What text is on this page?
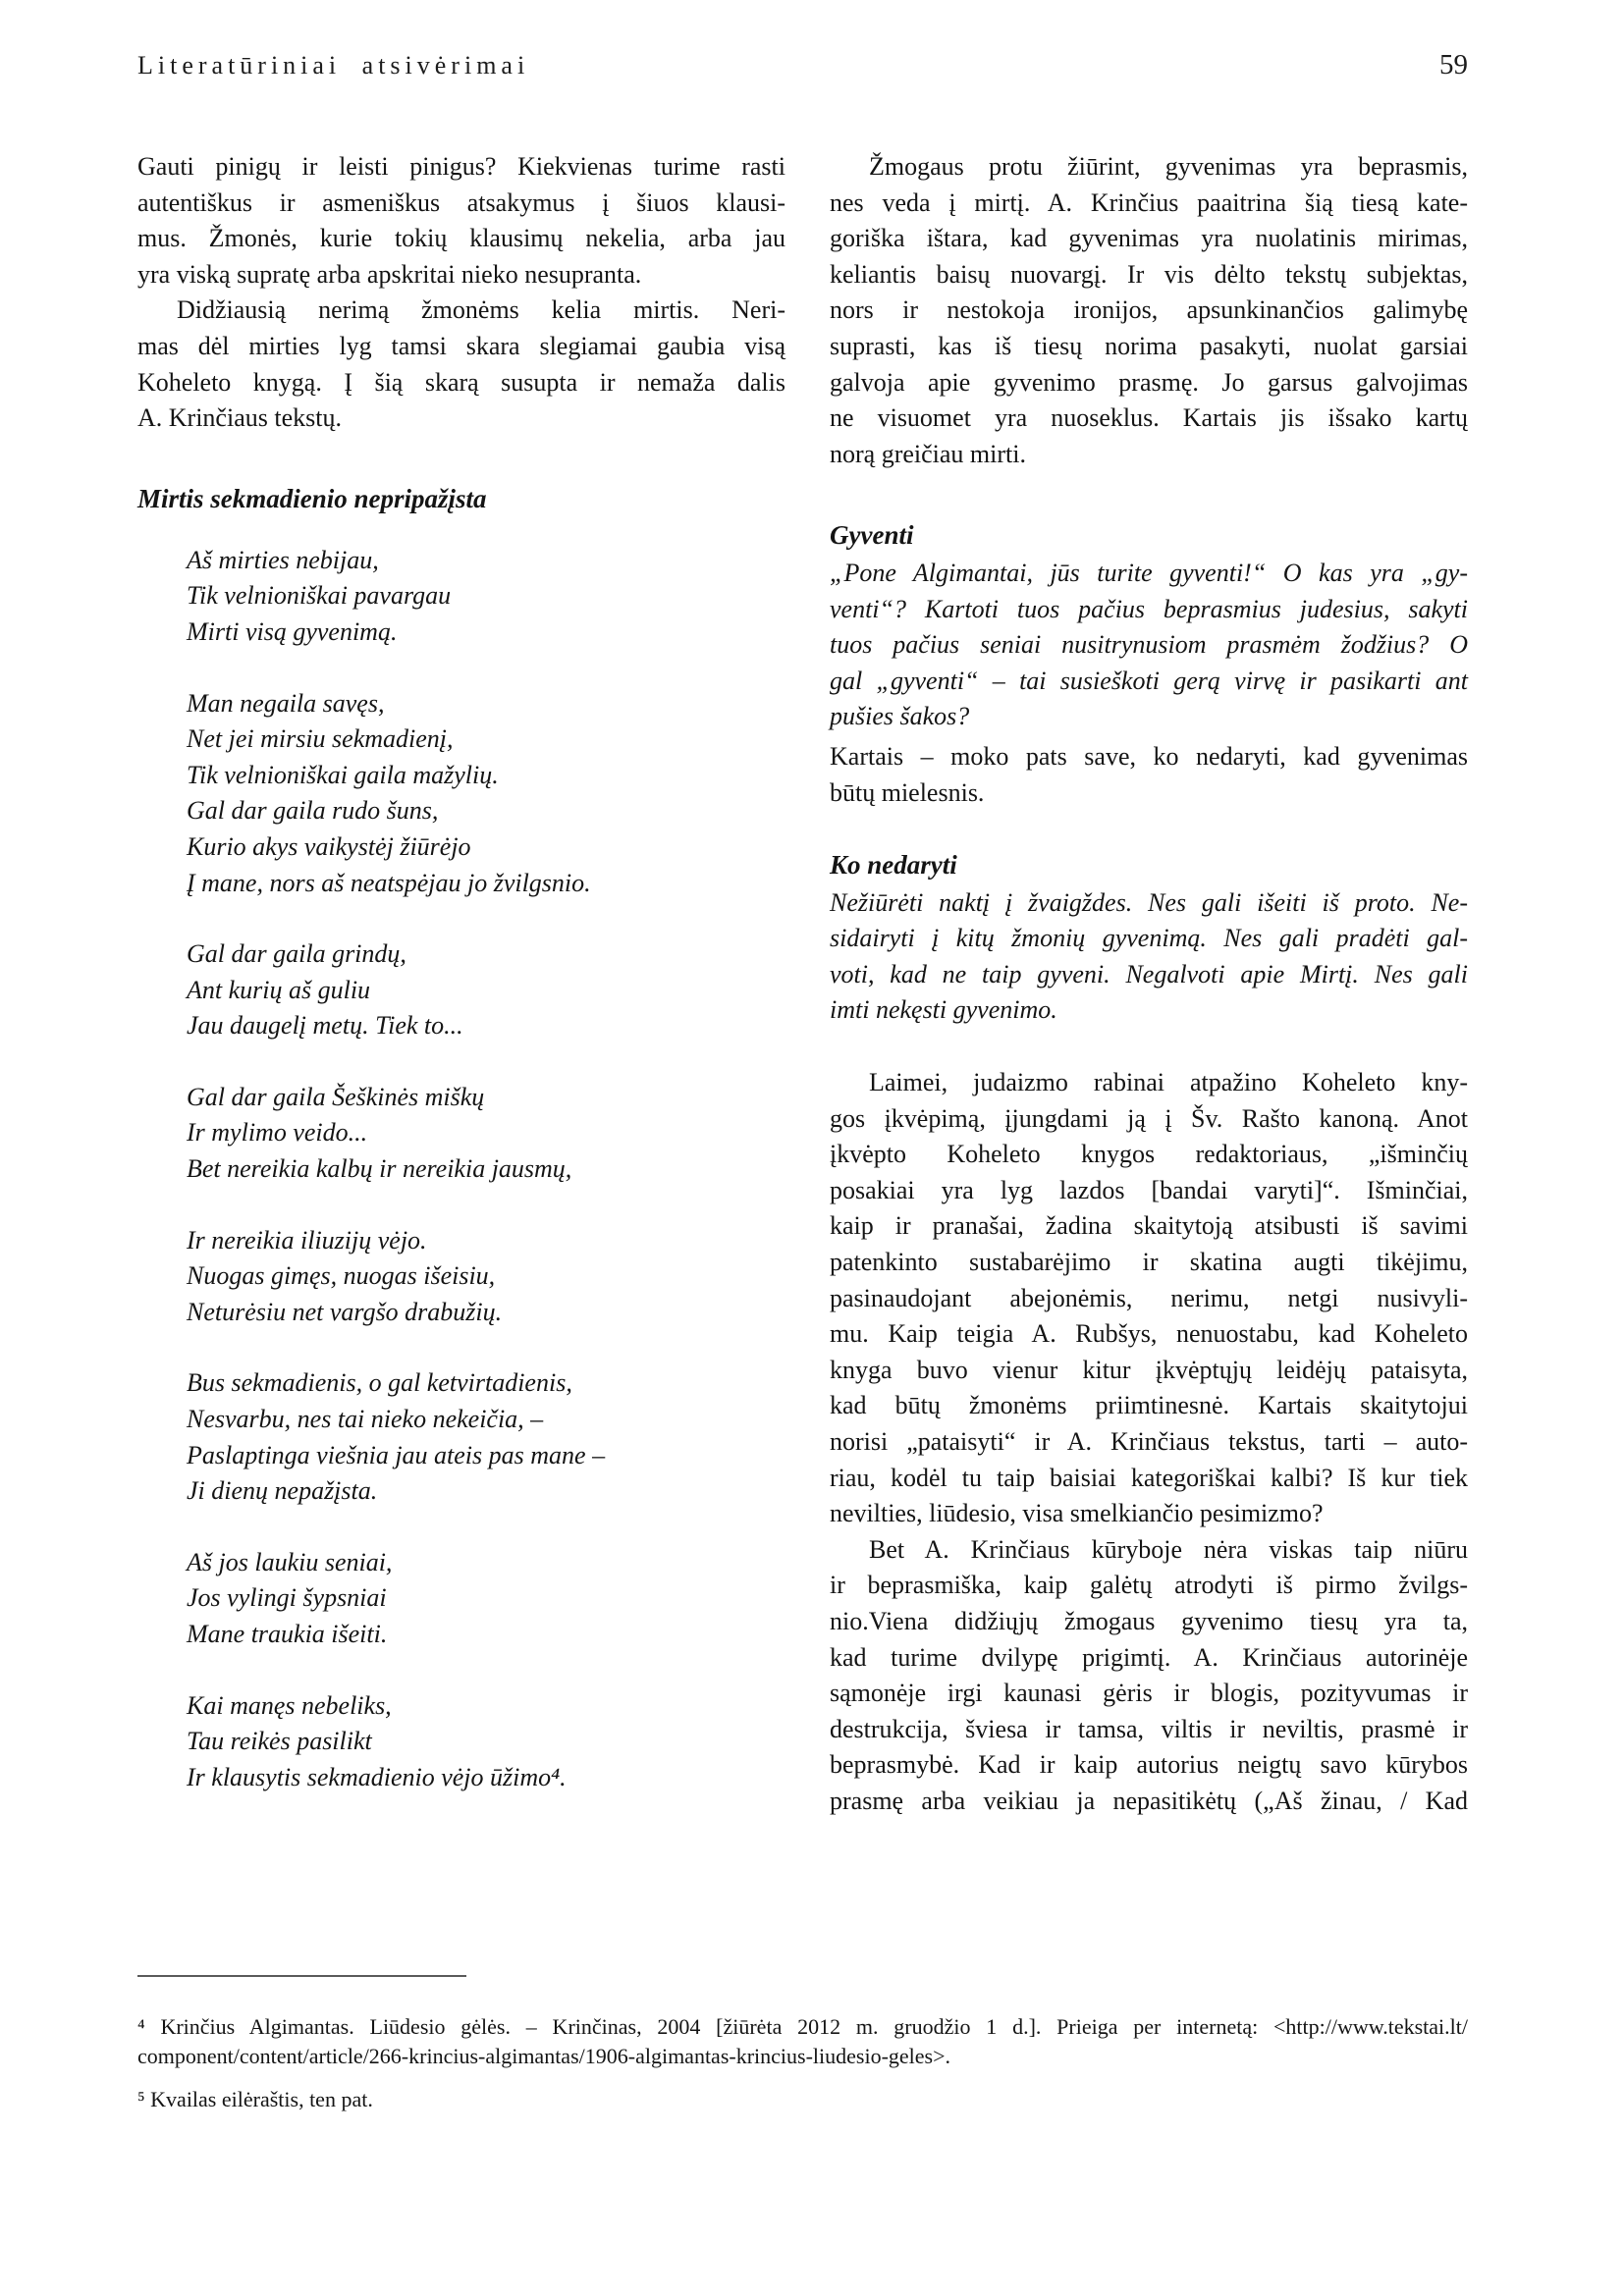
Literatūriniai atsivėrimai	59
Gauti pinigų ir leisti pinigus? Kiekvienas turime rasti
autentiškus ir asmeniškus atsakymus į šiuos klausi-
mus. Žmonės, kurie tokių klausimų nekelia, arba jau
yra viską supratę arba apskritai nieko nesupranta.
Didžiausią nerimą žmonėms kelia mirtis. Neri-
mas dėl mirties lyg tamsi skara slegiamai gaubia visą
Koheleto knygą. Į šią skarą susupta ir nemaža dalis
A. Krinčiaus tekstų.
Mirtis sekmadienio nepripažįsta
Aš mirties nebijau,
Tik velnioniškai pavargau
Mirti visą gyvenimą.
Man negaila savęs,
Net jei mirsiu sekmadienį,
Tik velnioniškai gaila mažylių.
Gal dar gaila rudo šuns,
Kurio akys vaikystėj žiūrėjo
Į mane, nors aš neatspėjau jo žvilgsnio.
Gal dar gaila grindų,
Ant kurių aš guliu
Jau daugelį metų. Tiek to...
Gal dar gaila Šeškinės miškų
Ir mylimo veido...
Bet nereikia kalbų ir nereikia jausmų,
Ir nereikia iliuzijų vėjo.
Nuogas gimęs, nuogas išeisiu,
Neturėsiu net vargšo drabužių.
Bus sekmadienis, o gal ketvirtadienis,
Nesvarbu, nes tai nieko nekeičia, –
Paslaptinga viešnia jau ateis pas mane –
Ji dienų nepažįsta.
Aš jos laukiu seniai,
Jos vylingi šypsniai
Mane traukia išeiti.
Kai manęs nebeliks,
Tau reikės pasilikt
Ir klausytis sekmadienio vėjo ūžimo⁴.
Žmogaus protu žiūrint, gyvenimas yra beprasmis,
nes veda į mirtį. A. Krinčius paaitrina šią tiesą kate-
goriška ištara, kad gyvenimas yra nuolatinis mirimas,
keliantis baisų nuovargį. Ir vis dėlto tekstų subjektas,
nors ir nestokoja ironijos, apsunkinančios galimybę
suprasti, kas iš tiesų norima pasakyti, nuolat garsiai
galvoja apie gyvenimo prasmę. Jo garsus galvojimas
ne visuomet yra nuoseklus. Kartais jis išsako kartų
norą greičiau mirti.
Gyventi
„Pone Algimantai, jūs turite gyventi!“ O kas yra „gy-
venti“? Kartoti tuos pačius beprasmius judesius, sakyti
tuos pačius seniai nusitrynusiom prasmėm žodžius? O
gal „gyventi“ – tai susieškoti gerą virvę ir pasikarti ant
pušies šakos?
Kartais – moko pats save, ko nedaryti, kad gyvenimas
būtų mielesnis.
Ko nedaryti
Nežiūrėti naktį į žvaigždes. Nes gali išeiti iš proto. Ne-
sidairyti į kitų žmonių gyvenimą. Nes gali pradėti gal-
voti, kad ne taip gyveni. Negalvoti apie Mirtį. Nes gali
imti nekęsti gyvenimo.
Laimei, judaizmo rabinai atpažino Koheleto kny-
gos įkvėpimą, įjungdami ją į Šv. Rašto kanoną. Anot
įkvėpto Koheleto knygos redaktoriaus, „išminčių
posakiai yra lyg lazdos [bandai varyti]“. Išminčiai,
kaip ir pranašai, žadina skaitytoją atsibusti iš savimi
patenkinto sustabarėjimo ir skatina augti tikėjimu,
pasinaudojant abejonėmis, nerimu, netgi nusivyli-
mu. Kaip teigia A. Rubšys, nenuostabu, kad Koheleto
knyga buvo vienur kitur įkvėptųjų leidėjų pataisyta,
kad būtų žmonėms priimtinesnė. Kartais skaitytojui
norisi „pataisyti“ ir A. Krinčiaus tekstus, tarti – auto-
riau, kodėl tu taip baisiai kategoriškai kalbi? Iš kur tiek
nevilties, liūdesio, visa smelkiančio pesimizmo?
Bet A. Krinčiaus kūryboje nėra viskas taip niūru
ir beprasmiška, kaip galėtų atrodyti iš pirmo žvilgs-
nio.Viena didžiųjų žmogaus gyvenimo tiesų yra ta,
kad turime dvilypę prigimtį. A. Krinčiaus autorinėje
sąmonėje irgi kaunasi gėris ir blogis, pozityvumas ir
destrukcija, šviesa ir tamsa, viltis ir neviltis, prasmė ir
beprasmybė. Kad ir kaip autorius neigtų savo kūrybos
prasmę arba veikiau ja nepasitikėtų („Aš žinau, / Kad
⁴ Krinčius Algimantas. Liūdesio gėlės. – Krinčinas, 2004 [žiūrėta 2012 m. gruodžio 1 d.]. Prieiga per internetą: <http://www.tekstai.lt/
component/content/article/266-krincius-algimantas/1906-algimantas-krincius-liudesio-geles>.
⁵ Kvailas eilėraštis, ten pat.
